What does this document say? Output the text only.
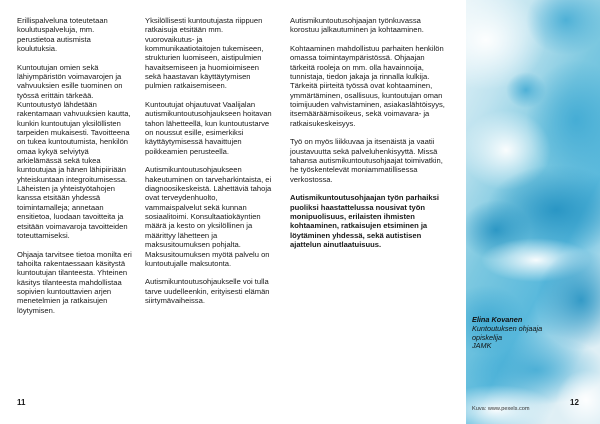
Erillispalveluna toteutetaan koulutuspalveluja, mm. perustietoa autismista koulutuksia.

Kuntoutujan omien sekä lähiympäristön voimavarojen ja vahvuuksien esille tuominen on työssä erittäin tärkeää. Kuntoutustyö lähdetään rakentamaan vahvuuksien kautta, kunkin kuntoutujan yksilöllisten tarpeiden mukaisesti. Tavoitteena on tukea kuntoutumista, henkilön omaa kykyä selviytyä arkielämässä sekä tukea kuntoutujaa ja hänen lähipiiriään yhteiskuntaan integroitumisessa. Läheisten ja yhteistyötahojen kanssa etsitään yhdessä toimintamalleja; annetaan ensitietoa, luodaan tavoitteita ja etsitään voimavaroja tavoitteiden toteuttamiseksi.

Ohjaaja tarvitsee tietoa monilta eri tahoilta rakentaessaan käsitystä kuntoutujan tilanteesta. Yhteinen käsitys tilanteesta mahdollistaa sopivien kuntouttavien arjen menetelmien ja ratkaisujen löytymisen.

Yksilöllisesti kuntoutujasta riippuen ratkaisuja etsitään mm. vuorovaikutus- ja kommunikaatiotaitojen tukemiseen, strukturien luomiseen, aistipulmien havaitsemiseen ja huomioimiseen sekä haastavan käyttäytymisen pulmien ratkaisemiseen.

Kuntoutujat ohjautuvat Vaalijalan autismikuntoutusohjaukseen hoitavan tahon lähetteellä, kun kuntoutustarve on noussut esille, esimerkiksi käyttäytymisessä havaittujen poikkeamien perusteella.

Autismikuntoutusohjaukseen hakeutuminen on tarveharkintaista, ei diagnoosikeskeistä. Lähettäviä tahoja ovat terveydenhuolto, vammaispalvelut sekä kunnan sosiaalitoimi. Konsultaatiokäyntien määrä ja kesto on yksilöllinen ja määrittyy lähetteen ja maksusitoumuksen pohjalta. Maksusitoumuksen myötä palvelu on kuntoutujalle maksutonta.

Autismikuntoutusohjaukselle voi tulla tarve uudelleenkin, erityisesti elämän siirtymävaiheissa.

Autismikuntoutusohjaajan työnkuvassa korostuu jalkautuminen ja kohtaaminen.

Kohtaaminen mahdollistuu parhaiten henkilön omassa toimintaympäristössä. Ohjaajan tärkeitä rooleja on mm. olla havainnoija, tunnistaja, tiedon jakaja ja rinnalla kulkija. Tärkeitä piirteitä työssä ovat kohtaaminen, ymmärtäminen, osallisuus, kuntoutujan oman toimijuuden vahvistaminen, asiakaslähtöisyys, itsemääräämisoikeus, sekä voimavara- ja ratkaisukeskeisyys.

Työ on myös liikkuvaa ja itsenäistä ja vaatii joustavuutta sekä palveluhenkisyyttä. Missä tahansa autismikuntoutusohjaajat toimivatkin, he työskentelevät moniammatillisessa verkostossa.

Autismikuntoutusohjaajan työn parhaiksi puoliksi haastattelussa nousivat työn monipuolisuus, erilaisten ihmisten kohtaaminen, ratkaisujen etsiminen ja löytäminen yhdessä, sekä autistisen ajattelun ainutlaatuisuus.

Elina Kovanen
Kuntoutuksen ohjaaja
opiskelija
JAMK
Kuva: www.pexels.com
11	12
